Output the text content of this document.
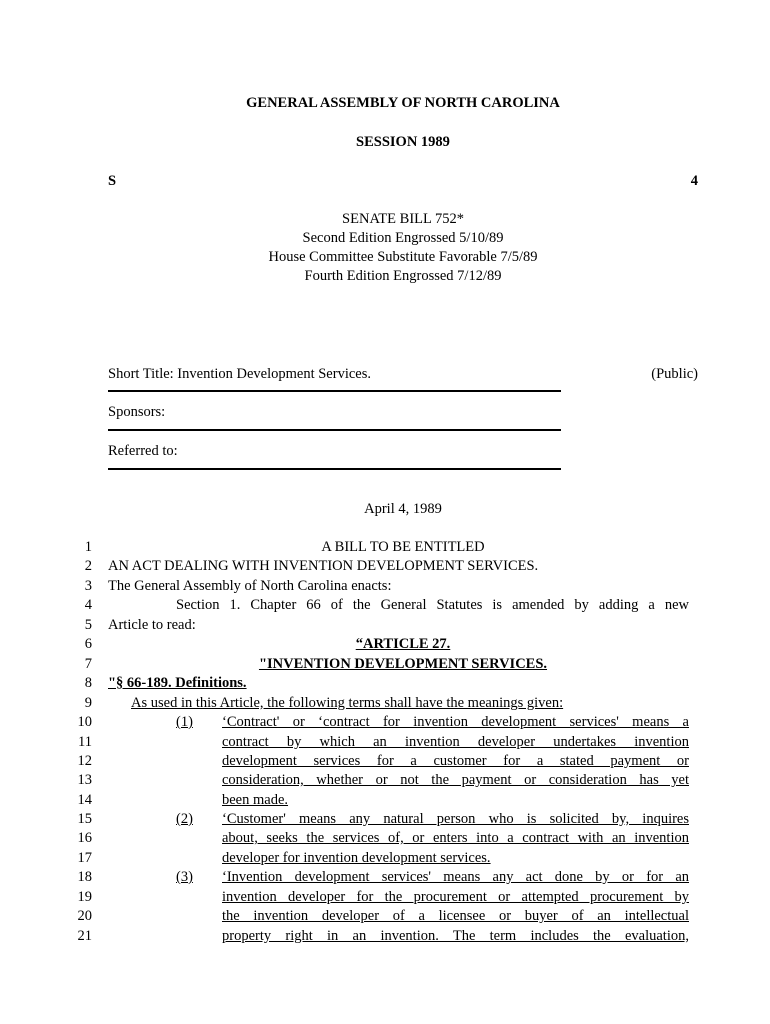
GENERAL ASSEMBLY OF NORTH CAROLINA
SESSION 1989
S	4
SENATE BILL 752*
Second Edition Engrossed 5/10/89
House Committee Substitute Favorable 7/5/89
Fourth Edition Engrossed 7/12/89
Short Title: Invention Development Services.	(Public)
Sponsors:
Referred to:
April 4, 1989
1
2
3
4
5
6
7
8
9
10
11
12
13
14
15
16
17
18
19
20
21
A BILL TO BE ENTITLED
AN ACT DEALING WITH INVENTION DEVELOPMENT SERVICES.
The General Assembly of North Carolina enacts:
Section 1. Chapter 66 of the General Statutes is amended by adding a new
Article to read:
“ARTICLE 27.
"INVENTION DEVELOPMENT SERVICES.
"§ 66-189. Definitions.
As used in this Article, the following terms shall have the meanings given:
(1) ‘Contract' or ‘contract for invention development services' means a
contract by which an invention developer undertakes invention
development services for a customer for a stated payment or
consideration, whether or not the payment or consideration has yet
been made.
(2) ‘Customer' means any natural person who is solicited by, inquires
about, seeks the services of, or enters into a contract with an invention
developer for invention development services.
(3) ‘Invention development services' means any act done by or for an
invention developer for the procurement or attempted procurement by
the invention developer of a licensee or buyer of an intellectual
property right in an invention. The term includes the evaluation,
